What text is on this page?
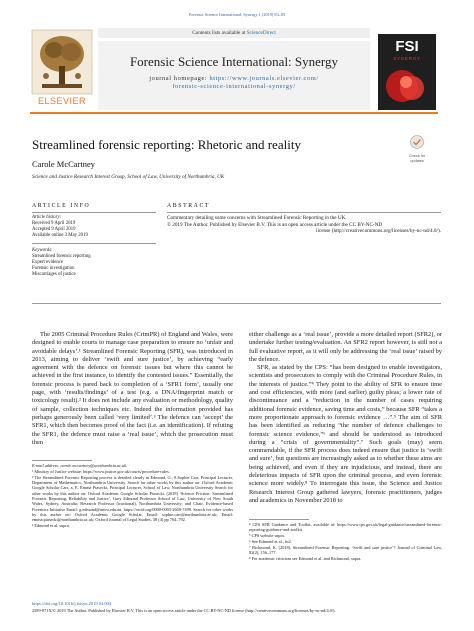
Forensic Science International: Synergy 1 (2019) 83–85
ELSEVIER
Contents lists available at ScienceDirect
Forensic Science International: Synergy
journal homepage: https://www.journals.elsevier.com/
forensic-science-international-synergy/
FSI
SYNERGY
Streamlined forensic reporting: Rhetoric and reality
Check for updates
Carole McCartney
Science and Justice Research Interest Group, School of Law, University of Northumbria, UK
ARTICLE INFO	ABSTRACT
Article history:
Received 9 April 2019
Accepted 9 April 2019
Available online 3 May 2019
Keywords:
Streamlined forensic reporting
Expert evidence
Forensic investigation
Miscarriages of justice
Commentary detailing some concerns with Streamlined Forensic Reporting in the UK.
© 2019 The Author. Published by Elsevier B.V. This is an open access article under the CC BY-NC-ND
license (http://creativecommons.org/licenses/by-nc-nd/4.0/).

The 2005 Criminal Procedure Rules (CrimPR) of England and Wales, were designed to enable courts to manage case preparation to ensure no ‘unfair and avoidable delays’.¹ Streamlined Forensic Reporting (SFR), was introduced in 2013, aiming to deliver ‘swift and sure justice’, by achieving “early agreement with the defence on forensic issues but where this cannot be achieved in the first instance, to identify the contested issues.” Essentially, the forensic process is pared back to completion of a ‘SFR1 form’, usually one page, with ‘results/findings’ of a test (e.g. a DNA/fingerprint match or toxicology result).² It does not include any evaluation or methodology, quality of sample, collection techniques etc. Indeed the information provided has perhaps generously been called ‘very limited’.³ The defence can ‘accept’ the SFR1, which then becomes proof of the fact (i.e. an identification). If refuting the SFR1, the defence must raise a ‘real issue’, which the prosecution must then

either challenge as a ‘real issue’, provide a more detailed report (SFR2), or undertake further testing/evaluation. An SFR2 report however, is still not a full evaluative report, as it will only be addressing the ‘real issue’ raised by the defence.

SFR, as stated by the CPS: “has been designed to enable investigators, scientists and prosecutors to comply with the Criminal Procedure Rules, in the interests of justice.”⁴ They point to the ability of SFR to ensure time and cost efficiencies, with more (and earlier) guilty pleas; a lower rate of discontinuance and a “reduction in the number of cases requiring additional forensic evidence, saving time and costs,” because SFR “takes a more proportionate approach to forensic evidence …”.⁵ The aim of SFR has been identified as reducing “the number of defence challenges to forensic science evidence,”⁶ and should be understood as introduced during a “crisis of governmentality”.⁷ Such goals (may) seem commendable, if the SFR process does indeed ensure that justice is ‘swift and sure’, but questions are increasingly asked as to whether these aims are being achieved, and even if they are injudicious, and instead, there are deleterious impacts of SFR upon the criminal process, and even forensic science more widely.⁸ To interrogate this issue, the Science and Justice Research Interest Group gathered lawyers, forensic practitioners, judges and academics in November 2018 to

E-mail address: carole.mccartney@northumbria.ac.uk.

¹ Ministry of Justice website: https://www.justice.gov.uk/courts/procedure-rules.

² The Streamlined Forensic Reporting process is detailed clearly in Edmond, G., S.Sophie Carr, Principal Lecturer, Department of Mathematics, Northumbria University. Search for other works by this author on: Oxford Academic Google Scholar Carr, a, E. Emma Piasecki, Principal Lecturer, School of Law, Northumbria University Search for other works by this author on: Oxford Academic Google Scholar Piasecki, (2018) ‘Science Friction: Streamlined Forensic Reporting, Reliability and Justice’, Gary Edmond Professor School of Law, University of New South Wales, Sydney, Australia; Research Professor (fractional), Northumbria University; and Chair, Evidence-based Forensics Initiative Email: g.edmond@unsw.edu.au, https://orcid.org/0000-0003-2609-7499. Search for other works by this author on: Oxford Academic Google Scholar. Email: sophie.carr@northumbria.ac.uk; Email: emma.piasecki@northumbria.ac.uk; Oxford Journal of Legal Studies, 38 (4) pp 764–792.

³ Edmond et al. supra.	⁴ CPS SFR Guidance and Toolkit, available at: https://www.cps.gov.uk/legal-guidance/streamlined-forensic-reporting-guidance-and-toolkit.

⁵ CPS website supra.

⁶ See Edmond et al., fn2.

⁷ Richmond, K. (2018), Streamlined Forensic Reporting: ‘Swift and sure justice’? Journal of Criminal Law, 82(2), 156–177.

⁸ For academic criticism see Edmond et al. and Richmond, supra.

https://doi.org/10.1016/j.fsisyn.2019.04.004
2589-871X/© 2019 The Author. Published by Elsevier B.V. This is an open access article under the CC BY-NC-ND license (http://creativecommons.org/licenses/by-nc-nd/4.0/).
